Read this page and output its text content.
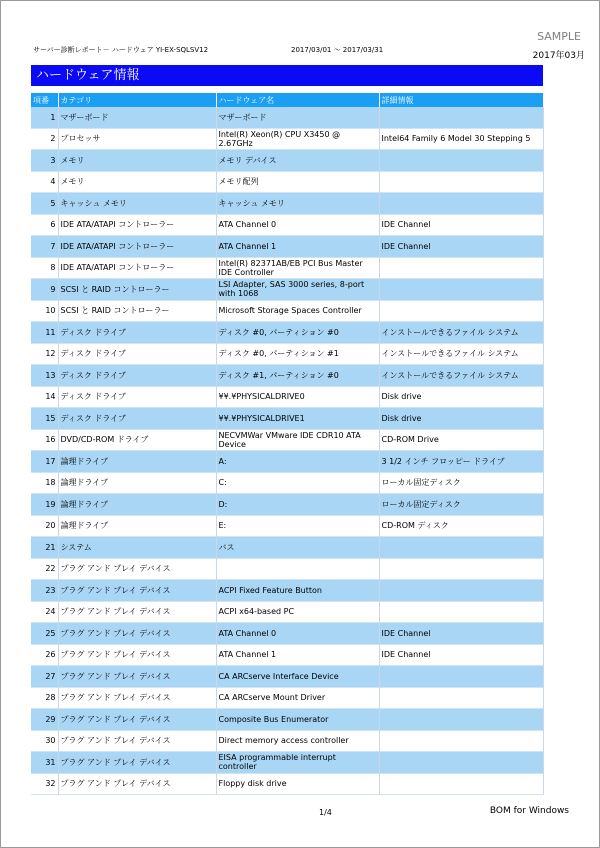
SAMPLE
サーバー診断レポート－ ハードウェア YI-EX-SQLSV12	2017/03/01 ～ 2017/03/31
2017年03月
ハードウェア情報
項番	カテゴリ	ハードウェア名	詳細情報
1	マザーボード	マザーボード	
2	プロセッサ	Intel(R) Xeon(R) CPU X3450 @ 2.67GHz	Intel64 Family 6 Model 30 Stepping 5
3	メモリ	メモリ デバイス	
4	メモリ	メモリ配列	
5	キャッシュ メモリ	キャッシュ メモリ	
6	IDE ATA/ATAPI コントローラー	ATA Channel 0	IDE Channel
7	IDE ATA/ATAPI コントローラー	ATA Channel 1	IDE Channel
8	IDE ATA/ATAPI コントローラー	Intel(R) 82371AB/EB PCI Bus Master IDE Controller	
9	SCSI と RAID コントローラー	LSI Adapter, SAS 3000 series, 8-port with 1068	
10	SCSI と RAID コントローラー	Microsoft Storage Spaces Controller	
11	ディスク ドライブ	ディスク #0, パーティション #0	インストールできるファイル システム
12	ディスク ドライブ	ディスク #0, パーティション #1	インストールできるファイル システム
13	ディスク ドライブ	ディスク #1, パーティション #0	インストールできるファイル システム
14	ディスク ドライブ	¥¥.¥PHYSICALDRIVE0	Disk drive
15	ディスク ドライブ	¥¥.¥PHYSICALDRIVE1	Disk drive
16	DVD/CD-ROM ドライブ	NECVMWar VMware IDE CDR10 ATA Device	CD-ROM Drive
17	論理ドライブ	A:	3 1/2 インチ フロッピー ドライブ
18	論理ドライブ	C:	ローカル固定ディスク
19	論理ドライブ	D:	ローカル固定ディスク
20	論理ドライブ	E:	CD-ROM ディスク
21	システム	バス	
22	プラグ アンド プレイ デバイス		
23	プラグ アンド プレイ デバイス	ACPI Fixed Feature Button	
24	プラグ アンド プレイ デバイス	ACPI x64-based PC	
25	プラグ アンド プレイ デバイス	ATA Channel 0	IDE Channel
26	プラグ アンド プレイ デバイス	ATA Channel 1	IDE Channel
27	プラグ アンド プレイ デバイス	CA ARCserve Interface Device	
28	プラグ アンド プレイ デバイス	CA ARCserve Mount Driver	
29	プラグ アンド プレイ デバイス	Composite Bus Enumerator	
30	プラグ アンド プレイ デバイス	Direct memory access controller	
31	プラグ アンド プレイ デバイス	EISA programmable interrupt controller	
32	プラグ アンド プレイ デバイス	Floppy disk drive	
1/4	BOM for Windows
